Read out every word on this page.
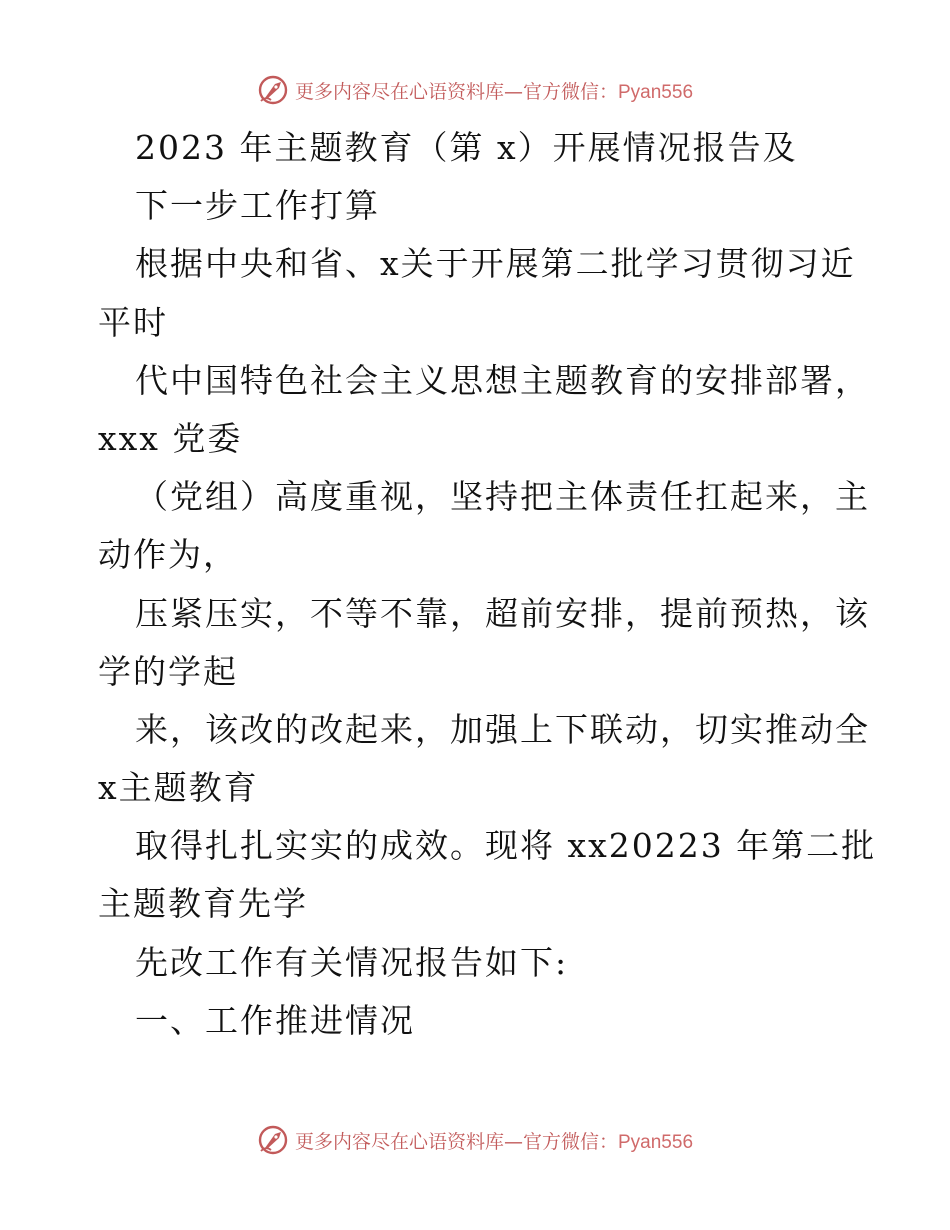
更多内容尽在心语资料库—官方微信：Pyan556
2023 年主题教育（第 x）开展情况报告及
下一步工作打算
根据中央和省、x关于开展第二批学习贯彻习近
平时
代中国特色社会主义思想主题教育的安排部署，
xxx 党委
（党组）高度重视，坚持把主体责任扛起来，主
动作为，
压紧压实，不等不靠，超前安排，提前预热，该
学的学起
来，该改的改起来，加强上下联动，切实推动全
x主题教育
取得扎扎实实的成效。现将 xx20223 年第二批
主题教育先学
先改工作有关情况报告如下:
一、工作推进情况
更多内容尽在心语资料库—官方微信：Pyan556
